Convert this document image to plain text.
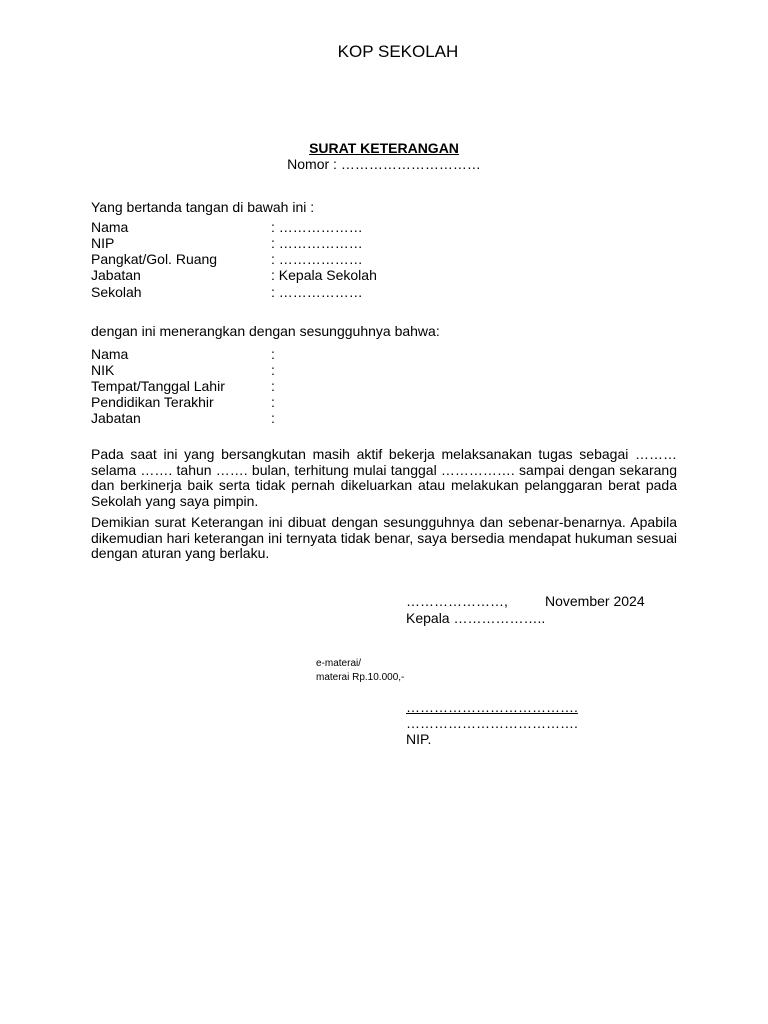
KOP SEKOLAH
SURAT KETERANGAN
Nomor : …………………………
Yang bertanda tangan di bawah ini :
Nama	: ………………
NIP	: ………………
Pangkat/Gol. Ruang	: ………………
Jabatan	: Kepala Sekolah
Sekolah	: ………………
dengan ini menerangkan dengan sesungguhnya bahwa:
Nama	:
NIK	:
Tempat/Tanggal Lahir	:
Pendidikan Terakhir	:
Jabatan	:
Pada saat ini yang bersangkutan masih aktif bekerja melaksanakan tugas sebagai ……… selama ……. tahun ……. bulan, terhitung mulai tanggal ……………. sampai dengan sekarang dan berkinerja baik serta tidak pernah dikeluarkan atau melakukan pelanggaran berat pada Sekolah yang saya pimpin.
Demikian surat Keterangan ini dibuat dengan sesungguhnya dan sebenar-benarnya. Apabila dikemudian hari keterangan ini ternyata tidak benar, saya bersedia mendapat hukuman sesuai dengan aturan yang berlaku.
…………………,	November 2024
Kepala ………………..
e-materai/
materai Rp.10.000,-
……………………………….
……………………………….
NIP.
